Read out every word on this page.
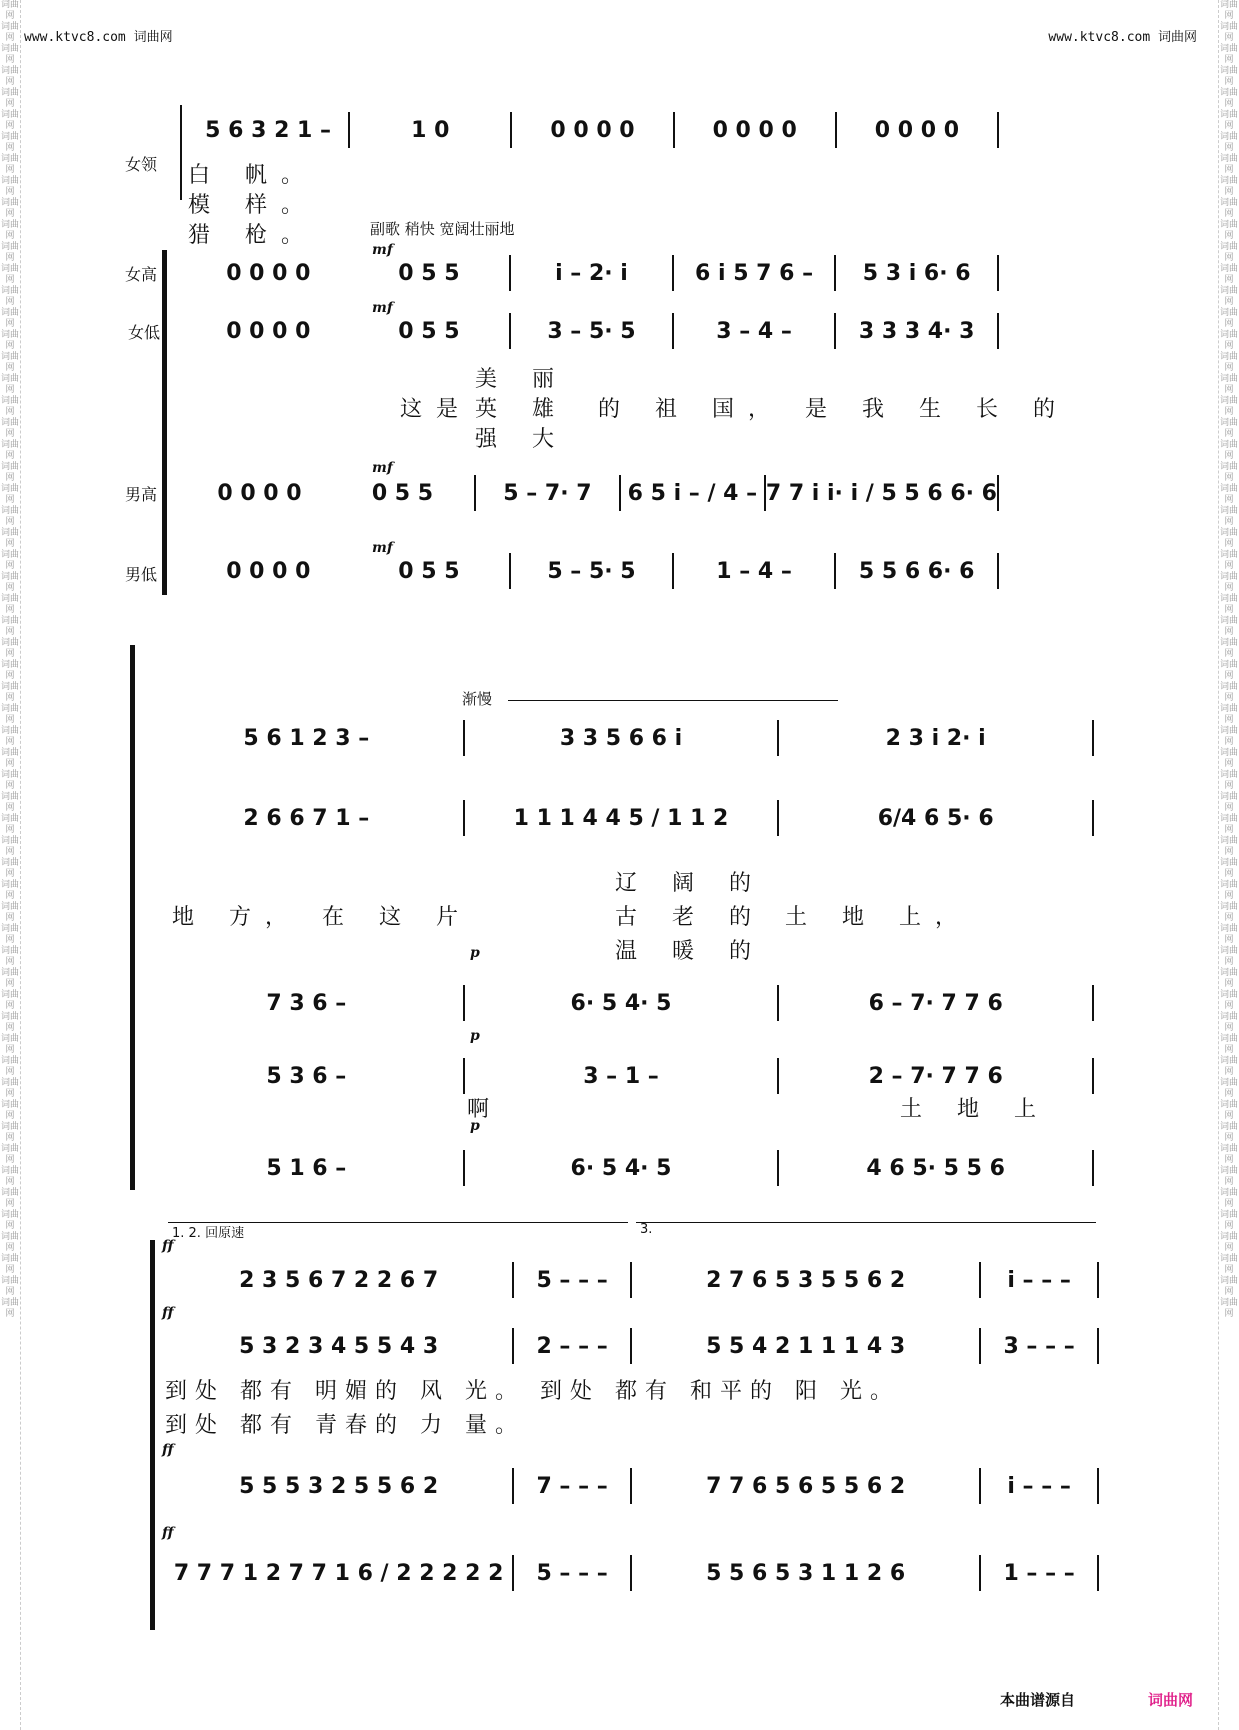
词曲网 词曲网 词曲网 词曲网 词曲网 词曲网 词曲网 词曲网 词曲网 词曲网 词曲网 词曲网 词曲网 词曲网 词曲网 词曲网 词曲网 词曲网 词曲网 词曲网 词曲网 词曲网 词曲网 词曲网 词曲网 词曲网 词曲网 词曲网 词曲网 词曲网 词曲网 词曲网 词曲网 词曲网 词曲网 词曲网 词曲网 词曲网 词曲网 词曲网 词曲网 词曲网 词曲网 词曲网 词曲网 词曲网 词曲网 词曲网 词曲网 词曲网 词曲网 词曲网 词曲网 词曲网 词曲网 词曲网 词曲网 词曲网 词曲网 词曲网
词曲网 词曲网 词曲网 词曲网 词曲网 词曲网 词曲网 词曲网 词曲网 词曲网 词曲网 词曲网 词曲网 词曲网 词曲网 词曲网 词曲网 词曲网 词曲网 词曲网 词曲网 词曲网 词曲网 词曲网 词曲网 词曲网 词曲网 词曲网 词曲网 词曲网 词曲网 词曲网 词曲网 词曲网 词曲网 词曲网 词曲网 词曲网 词曲网 词曲网 词曲网 词曲网 词曲网 词曲网 词曲网 词曲网 词曲网 词曲网 词曲网 词曲网 词曲网 词曲网 词曲网 词曲网 词曲网 词曲网 词曲网 词曲网 词曲网 词曲网
www.ktvc8.com 词曲网	www.ktvc8.com 词曲网
女领
女高
女低
男高
男低
副歌 稍快 宽阔壮丽地
5 6 3 2 1 –	1 0	0 0 0 0	0 0 0 0	0 0 0 0
白 帆。
模 样。
猎 枪。
mf
0 0 0 0	0 5 5	i – 2· i	6 i 5 7 6 –	5 3 i 6· 6
mf
0 0 0 0	0 5 5	3 – 5· 5	3 – 4 –	3 3 3 4· 3
这是
美 丽
英 雄
强 大
的 祖 国， 是 我 生 长 的
mf
0 0 0 0	0 5 5	5 – 7· 7	6 5 i – / 4 – 7 7 i i· i / 5 5 6 6· 6
mf
0 0 0 0	0 5 5	5 – 5· 5	1 – 4 –	5 5 6 6· 6
渐慢
5 6 1 2 3 –	3 3 5 6 6 i	2 3 i 2· i
2 6 6 7 1 –	1 1 1 4 4 5 / 1 1 2	6/4 6 5· 6
地 方， 在 这 片
辽 阔 的
古 老 的
温 暖 的
土 地 上，
p
7 3 6 –	6· 5 4· 5	6 – 7· 7 7 6
p
5 3 6 –	3 – 1 –	2 – 7· 7 7 6
啊	土 地 上
p
5 1 6 –	6· 5 4· 5	4 6 5· 5 5 6
1. 2. 回原速	3.
ff
2 3 5 6 7 2 2 6 7	5 – – –	2 7 6 5 3 5 5 6 2	i – – –
ff
5 3 2 3 4 5 5 4 3	2 – – –	5 5 4 2 1 1 1 4 3	3 – – –
到处 都有 明媚的 风 光。 到处 都有 和平的 阳 光。
到处 都有 青春的 力 量。
ff
5 5 5 3 2 5 5 6 2	7 – – –	7 7 6 5 6 5 5 6 2	i – – –
ff
7 7 7 1 2 7 7 1 6 / 2 2 2 2 2	5 – – –	5 5 6 5 3 1 1 2 6	1 – – –
本曲谱源自	词曲网
